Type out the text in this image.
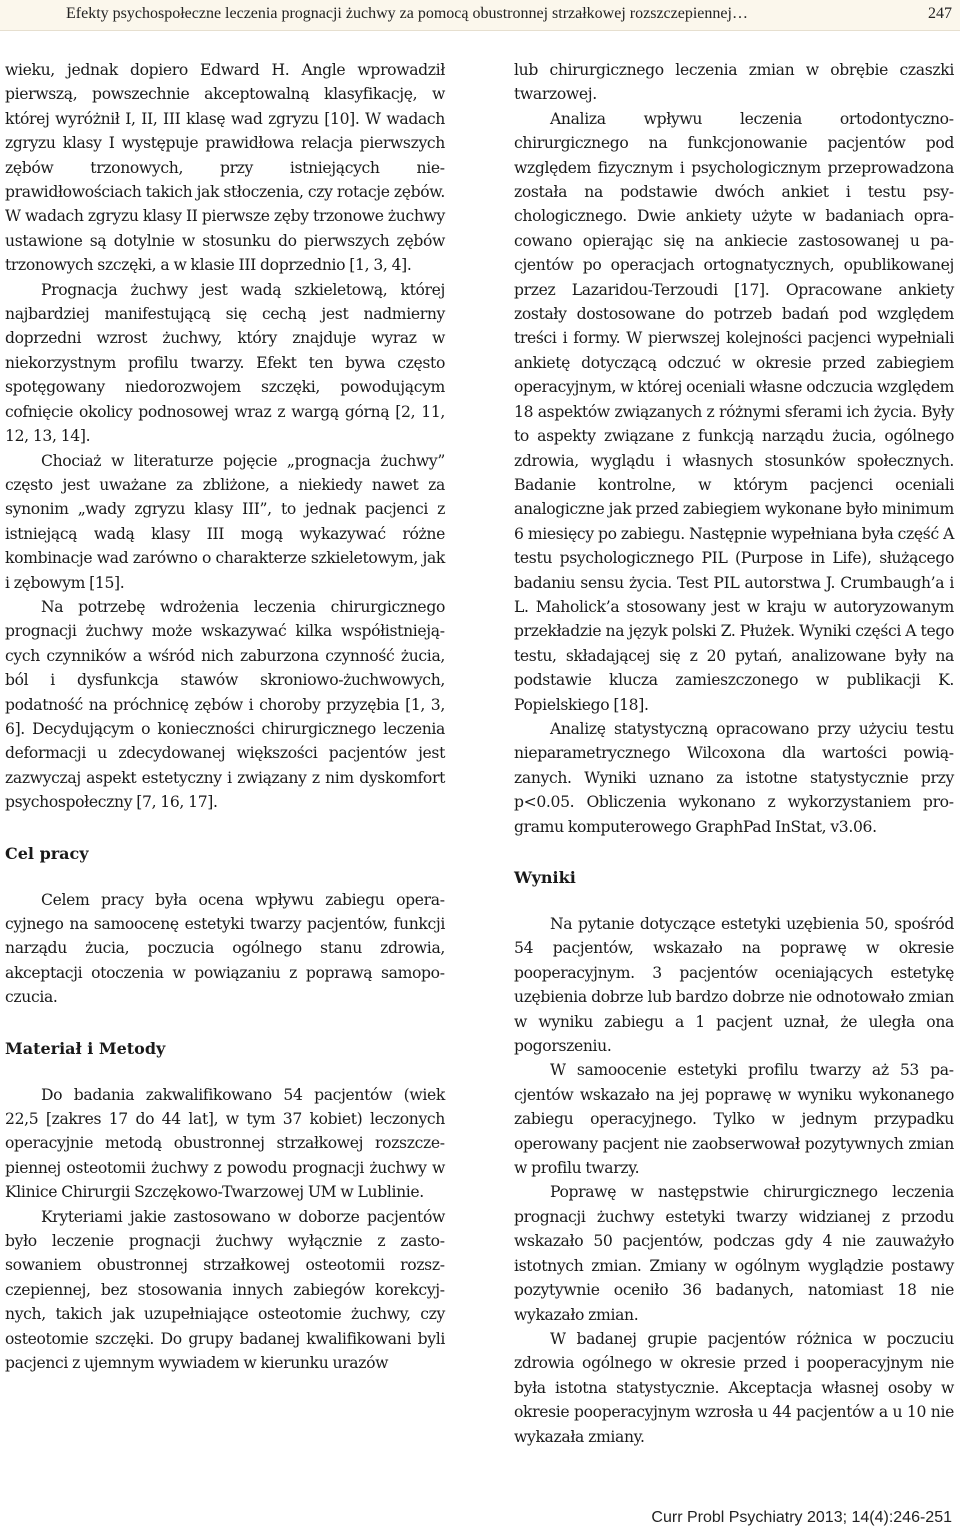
Efekty psychospołeczne leczenia prognacji żuchwy za pomocą obustronnej strzałkowej rozszczepiennej…	247

wieku, jednak dopiero Edward H. Angle wprowadził pierwszą, powszechnie akceptowalną klasyfikację, w której wyróżnił I, II, III klasę wad zgryzu [10]. W wadach zgryzu klasy I występuje prawidłowa relacja pierwszych zębów trzonowych, przy istniejących nieprawidłowościach takich jak stłoczenia, czy rotacje zębów. W wadach zgryzu klasy II pierwsze zęby trzonowe żuchwy ustawione są dotylnie w stosunku do pierwszych zębów trzonowych szczęki, a w klasie III doprzednio [1, 3, 4].

Prognacja żuchwy jest wadą szkieletową, której najbardziej manifestującą się cechą jest nadmierny doprzedni wzrost żuchwy, który znajduje wyraz w niekorzystnym profilu twarzy. Efekt ten bywa często spotęgowany niedorozwojem szczęki, powodującym cofnięcie okolicy podnosowej wraz z wargą górną [2, 11, 12, 13, 14].

Chociaż w literaturze pojęcie „prognacja żuchwy” często jest uważane za zbliżone, a niekiedy nawet za synonim „wady zgryzu klasy III”, to jednak pacjenci z istniejącą wadą klasy III mogą wykazywać różne kombinacje wad zarówno o charakterze szkieletowym, jak i zębowym [15].

Na potrzebę wdrożenia leczenia chirurgicznego prognacji żuchwy może wskazywać kilka współistniejących czynników a wśród nich zaburzona czynność żucia, ból i dysfunkcja stawów skroniowo-żuchwowych, podatność na próchnicę zębów i choroby przyzębia [1, 3, 6]. Decydującym o konieczności chirurgicznego leczenia deformacji u zdecydowanej większości pacjentów jest zazwyczaj aspekt estetyczny i związany z nim dyskomfort psychospołeczny [7, 16, 17].

Cel pracy

Celem pracy była ocena wpływu zabiegu operacyjnego na samoocenę estetyki twarzy pacjentów, funkcji narządu żucia, poczucia ogólnego stanu zdrowia, akceptacji otoczenia w powiązaniu z poprawą samopoczucia.

Materiał i Metody

Do badania zakwalifikowano 54 pacjentów (wiek 22,5 [zakres 17 do 44 lat], w tym 37 kobiet) leczonych operacyjnie metodą obustronnej strzałkowej rozszczepiennej osteotomii żuchwy z powodu prognacji żuchwy w Klinice Chirurgii Szczękowo-Twarzowej UM w Lublinie.

Kryteriami jakie zastosowano w doborze pacjentów było leczenie prognacji żuchwy wyłącznie z zastosowaniem obustronnej strzałkowej osteotomii rozszczepiennej, bez stosowania innych zabiegów korekcyjnych, takich jak uzupełniające osteotomie żuchwy, czy osteotomie szczęki. Do grupy badanej kwalifikowani byli pacjenci z ujemnym wywiadem w kierunku urazów

lub chirurgicznego leczenia zmian w obrębie czaszki twarzowej.

Analiza wpływu leczenia ortodontycznochirurgicznego na funkcjonowanie pacjentów pod względem fizycznym i psychologicznym przeprowadzona została na podstawie dwóch ankiet i testu psychologicznego. Dwie ankiety użyte w badaniach opracowano opierając się na ankiecie zastosowanej u pacjentów po operacjach ortognatycznych, opublikowanej przez Lazaridou-Terzoudi [17]. Opracowane ankiety zostały dostosowane do potrzeb badań pod względem treści i formy. W pierwszej kolejności pacjenci wypełniali ankietę dotyczącą odczuć w okresie przed zabiegiem operacyjnym, w której oceniali własne odczucia względem 18 aspektów związanych z różnymi sferami ich życia. Były to aspekty związane z funkcją narządu żucia, ogólnego zdrowia, wyglądu i własnych stosunków społecznych. Badanie kontrolne, w którym pacjenci oceniali analogiczne jak przed zabiegiem wykonane było minimum 6 miesięcy po zabiegu. Następnie wypełniana była część A testu psychologicznego PIL (Purpose in Life), służącego badaniu sensu życia. Test PIL autorstwa J. Crumbaugh’a i L. Maholick’a stosowany jest w kraju w autoryzowanym przekładzie na język polski Z. Płużek. Wyniki części A tego testu, składającej się z 20 pytań, analizowane były na podstawie klucza zamieszczonego w publikacji K. Popielskiego [18].

Analizę statystyczną opracowano przy użyciu testu nieparametrycznego Wilcoxona dla wartości powiązanych. Wyniki uznano za istotne statystycznie przy p<0.05. Obliczenia wykonano z wykorzystaniem programu komputerowego GraphPad InStat, v3.06.

Wyniki

Na pytanie dotyczące estetyki uzębienia 50, spośród 54 pacjentów, wskazało na poprawę w okresie pooperacyjnym. 3 pacjentów oceniających estetykę uzębienia dobrze lub bardzo dobrze nie odnotowało zmian w wyniku zabiegu a 1 pacjent uznał, że uległa ona pogorszeniu.

W samoocenie estetyki profilu twarzy aż 53 pacjentów wskazało na jej poprawę w wyniku wykonanego zabiegu operacyjnego. Tylko w jednym przypadku operowany pacjent nie zaobserwował pozytywnych zmian w profilu twarzy.

Poprawę w następstwie chirurgicznego leczenia prognacji żuchwy estetyki twarzy widzianej z przodu wskazało 50 pacjentów, podczas gdy 4 nie zauważyło istotnych zmian. Zmiany w ogólnym wyglądzie postawy pozytywnie oceniło 36 badanych, natomiast 18 nie wykazało zmian.

W badanej grupie pacjentów różnica w poczuciu zdrowia ogólnego w okresie przed i pooperacyjnym nie była istotna statystycznie. Akceptacja własnej osoby w okresie pooperacyjnym wzrosła u 44 pacjentów a u 10 nie wykazała zmiany.

Curr Probl Psychiatry 2013; 14(4):246-251
